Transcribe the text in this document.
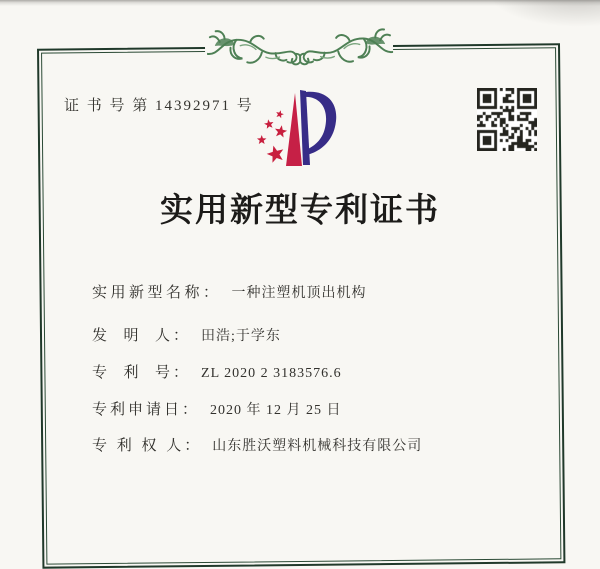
证 书 号 第 14392971 号
实用新型专利证书

实用新型名称： 一种注塑机顶出机构

发  明  人： 田浩;于学东

专  利  号： ZL 2020 2 3183576.6

专利申请日： 2020 年 12 月 25 日

专 利 权 人： 山东胜沃塑料机械科技有限公司
